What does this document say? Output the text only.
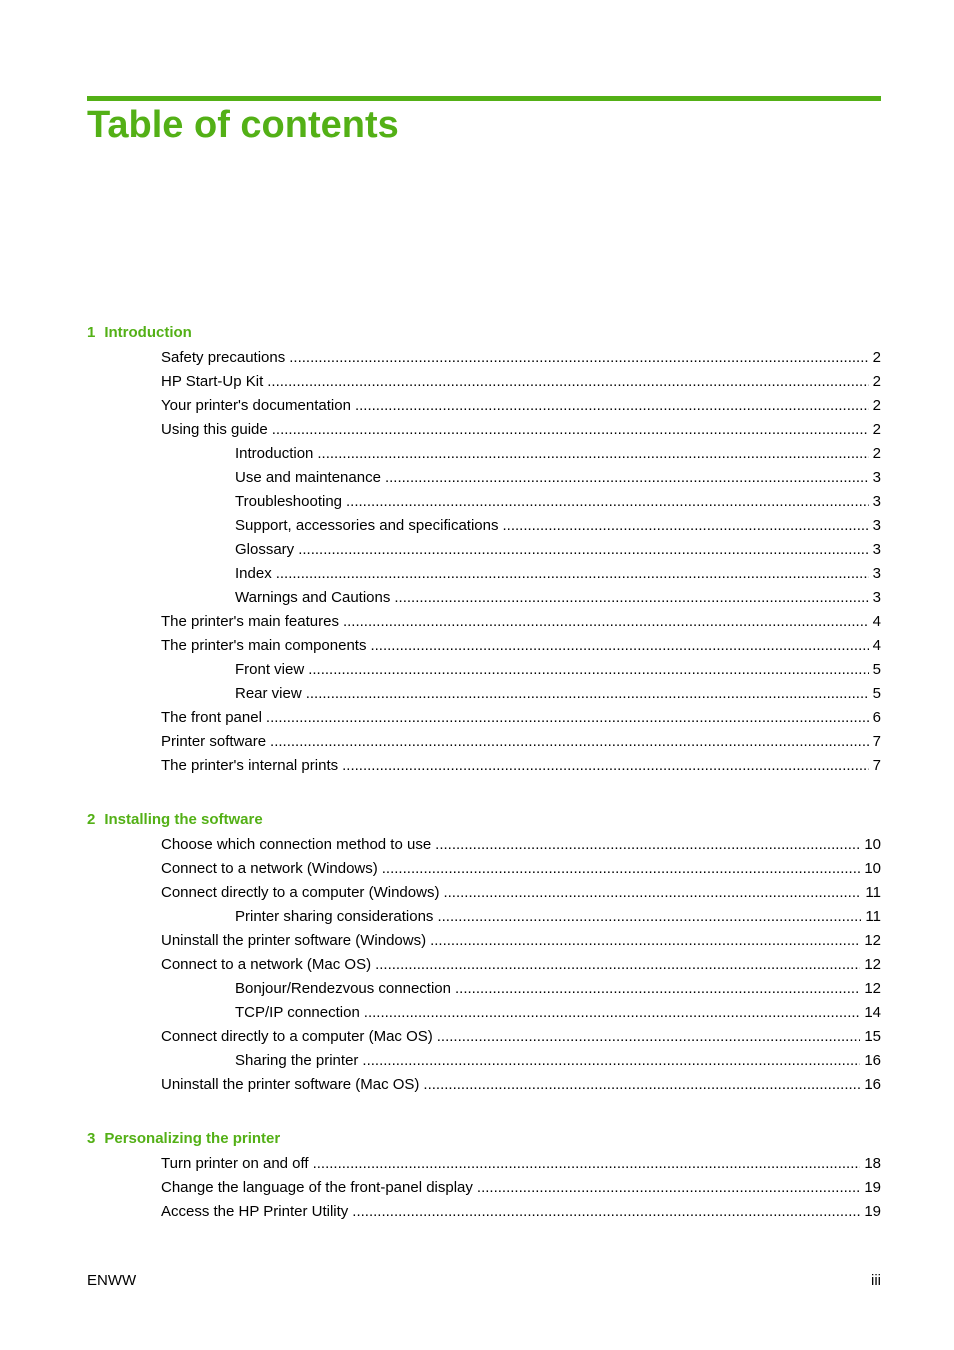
Table of contents
1 Introduction
Safety precautions .....	2
HP Start-Up Kit .....	2
Your printer's documentation .....	2
Using this guide .....	2
Introduction .....	2
Use and maintenance .....	3
Troubleshooting .....	3
Support, accessories and specifications .....	3
Glossary .....	3
Index .....	3
Warnings and Cautions .....	3
The printer's main features .....	4
The printer's main components .....	4
Front view .....	5
Rear view .....	5
The front panel .....	6
Printer software .....	7
The printer's internal prints .....	7
2 Installing the software
Choose which connection method to use .....	10
Connect to a network (Windows) .....	10
Connect directly to a computer (Windows) .....	11
Printer sharing considerations .....	11
Uninstall the printer software (Windows) .....	12
Connect to a network (Mac OS) .....	12
Bonjour/Rendezvous connection .....	12
TCP/IP connection .....	14
Connect directly to a computer (Mac OS) .....	15
Sharing the printer .....	16
Uninstall the printer software (Mac OS) .....	16
3 Personalizing the printer
Turn printer on and off .....	18
Change the language of the front-panel display .....	19
Access the HP Printer Utility .....	19
ENWW	iii
